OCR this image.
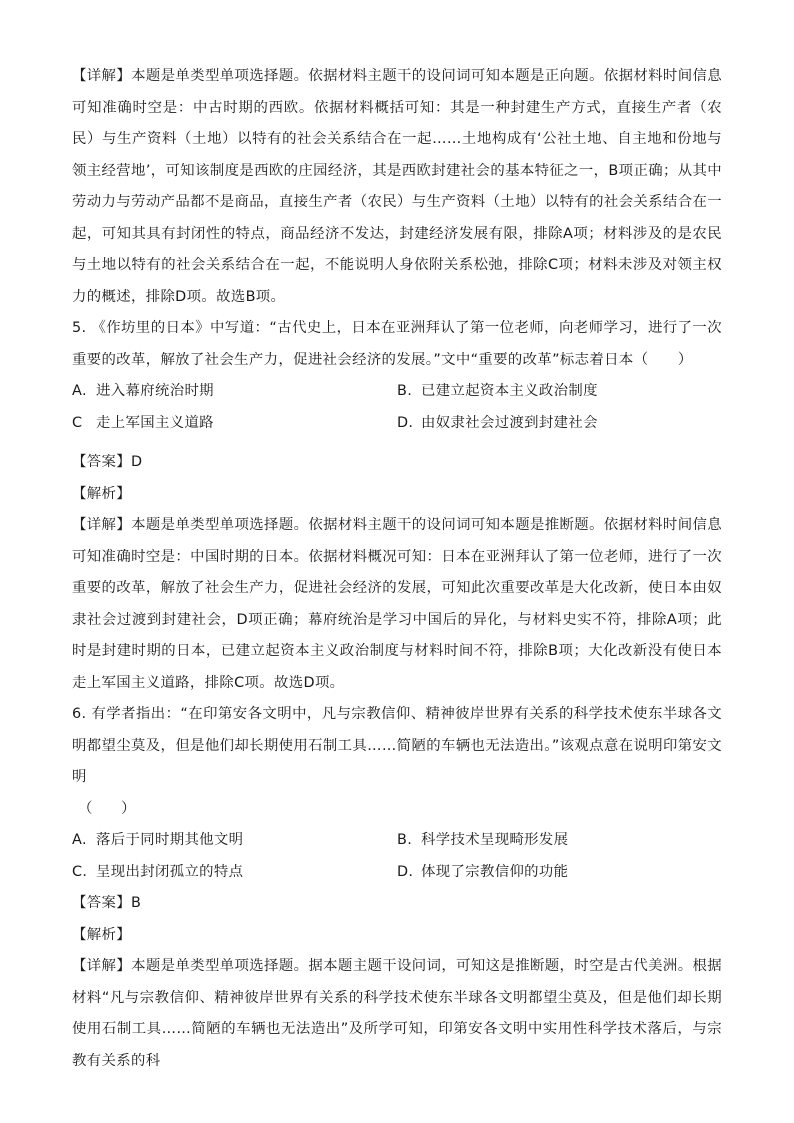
【详解】本题是单类型单项选择题。依据材料主题干的设问词可知本题是正向题。依据材料时间信息可知准确时空是：中古时期的西欧。依据材料概括可知：其是一种封建生产方式，直接生产者（农民）与生产资料（土地）以特有的社会关系结合在一起……土地构成有‘公社土地、自主地和份地与领主经营地’，可知该制度是西欧的庄园经济，其是西欧封建社会的基本特征之一，B项正确；从其中劳动力与劳动产品都不是商品，直接生产者（农民）与生产资料（土地）以特有的社会关系结合在一起，可知其具有封闭性的特点，商品经济不发达，封建经济发展有限，排除A项；材料涉及的是农民与土地以特有的社会关系结合在一起，不能说明人身依附关系松弛，排除C项；材料未涉及对领主权力的概述，排除D项。故选B项。

5. 《作坊里的日本》中写道：“古代史上，日本在亚洲拜认了第一位老师，向老师学习，进行了一次重要的改革，解放了社会生产力，促进社会经济的发展。”文中“重要的改革”标志着日本（　　）

A. 进入幕府统治时期	B. 已建立起资本主义政治制度
C 走上军国主义道路	D. 由奴隶社会过渡到封建社会

【答案】D

【解析】

【详解】本题是单类型单项选择题。依据材料主题干的设问词可知本题是推断题。依据材料时间信息可知准确时空是：中国时期的日本。依据材料概况可知：日本在亚洲拜认了第一位老师，进行了一次重要的改革，解放了社会生产力，促进社会经济的发展，可知此次重要改革是大化改新，使日本由奴隶社会过渡到封建社会，D项正确；幕府统治是学习中国后的异化，与材料史实不符，排除A项；此时是封建时期的日本，已建立起资本主义政治制度与材料时间不符，排除B项；大化改新没有使日本走上军国主义道路，排除C项。故选D项。

6. 有学者指出：“在印第安各文明中，凡与宗教信仰、精神彼岸世界有关系的科学技术使东半球各文明都望尘莫及，但是他们却长期使用石制工具……简陋的车辆也无法造出。”该观点意在说明印第安文明

（　　）
A. 落后于同时期其他文明	B. 科学技术呈现畸形发展
C. 呈现出封闭孤立的特点	D. 体现了宗教信仰的功能

【答案】B

【解析】

【详解】本题是单类型单项选择题。据本题主题干设问词，可知这是推断题，时空是古代美洲。根据材料“凡与宗教信仰、精神彼岸世界有关系的科学技术使东半球各文明都望尘莫及，但是他们却长期使用石制工具……简陋的车辆也无法造出”及所学可知，印第安各文明中实用性科学技术落后，与宗教有关系的科
